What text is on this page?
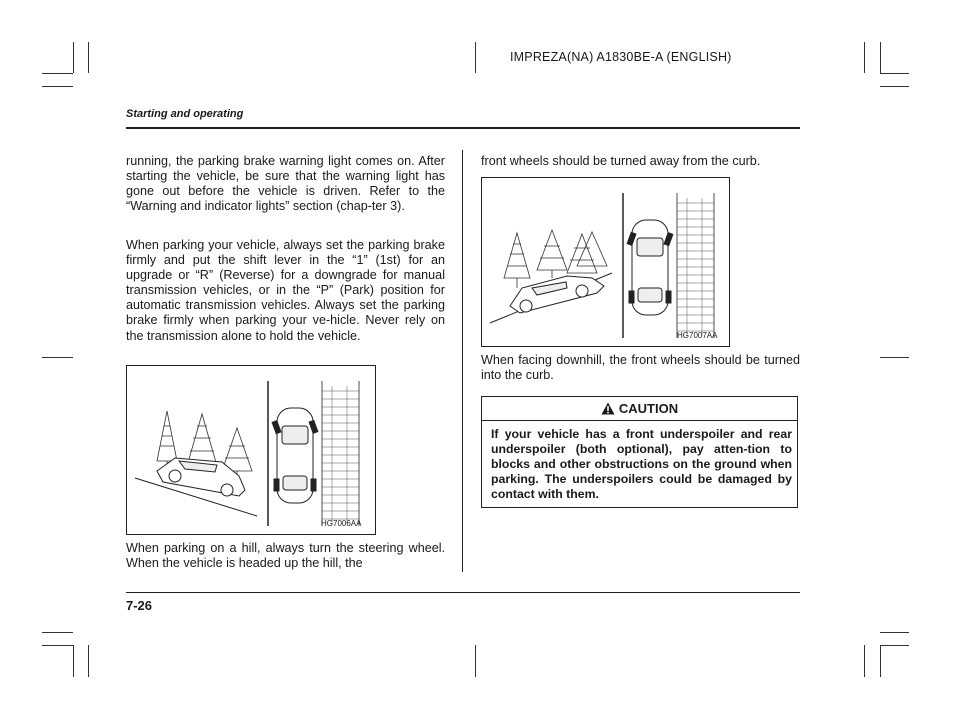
IMPREZA(NA) A1830BE-A (ENGLISH)
Starting and operating

running, the parking brake warning light comes on. After starting the vehicle, be sure that the warning light has gone out before the vehicle is driven. Refer to the “Warning and indicator lights” section (chap-ter 3).

When parking your vehicle, always set the parking brake firmly and put the shift lever in the “1” (1st) for an upgrade or “R” (Reverse) for a downgrade for manual transmission vehicles, or in the “P” (Park) position for automatic transmission vehicles. Always set the parking brake firmly when parking your ve-hicle. Never rely on the transmission alone to hold the vehicle.

HG7006AA

When parking on a hill, always turn the steering wheel. When the vehicle is headed up the hill, the

front wheels should be turned away from the curb.

HG7007AA

When facing downhill, the front wheels should be turned into the curb.

CAUTION

If your vehicle has a front underspoiler and rear underspoiler (both optional), pay atten-tion to blocks and other obstructions on the ground when parking. The underspoilers could be damaged by contact with them.

7-26
